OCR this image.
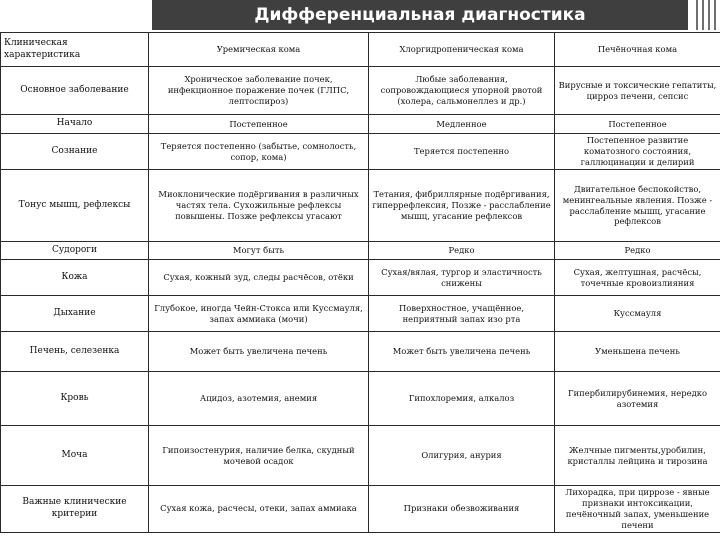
Дифференциальная диагностика
Клиническая характеристика	Уремическая кома	Хлоргидропеническая кома	Печёночная кома
Основное заболевание	Хроническое заболевание почек, инфекционное поражение почек (ГЛПС, лептоспироз)	Любые заболевания, сопровождающиеся упорной рвотой (холера, сальмонеллез и др.)	Вирусные и токсические гепатиты, цирроз печени, сепсис
Начало	Постепенное	Медленное	Постепенное
Сознание	Теряется постепенно (забытье, сомнолость, сопор, кома)	Теряется постепенно	Постепенное развитие коматозного состояния, галлюцинации и делирий
Тонус мышц, рефлексы	Миоклонические подёргивания в различных частях тела. Сухожильные рефлексы повышены. Позже рефлексы угасают	Тетания, фибриллярные подёргивания, гиперрефлексия, Позже - расслабление мышц, угасание рефлексов	Двигательное беспокойство, менингеальные явления. Позже - расслабление мышц, угасание рефлексов
Судороги	Могут быть	Редко	Редко
Кожа	Сухая, кожный зуд, следы расчёсов, отёки	Сухая/вялая, тургор и эластичность снижены	Сухая, желтушная, расчёсы, точечные кровоизлияния
Дыхание	Глубокое, иногда Чейн-Стокса или Куссмауля, запах аммиака (мочи)	Поверхностное, учащённое, неприятный запах изо рта	Куссмауля
Печень, селезенка	Может быть увеличена печень	Может быть увеличена печень	Уменьшена печень
Кровь	Ацидоз, азотемия, анемия	Гипохлоремия, алкалоз	Гипербилирубинемия, нередко азотемия
Моча	Гипоизостенурия, наличие белка, скудный мочевой осадок	Олигурия, анурия	Желчные пигменты,уробилин, кристаллы лейцина и тирозина
Важные клинические критерии	Сухая кожа, расчесы, отеки, запах аммиака	Признаки обезвоживания	Лихорадка, при циррозе - явные признаки интоксикации, печёночный запах, уменьшение печени
